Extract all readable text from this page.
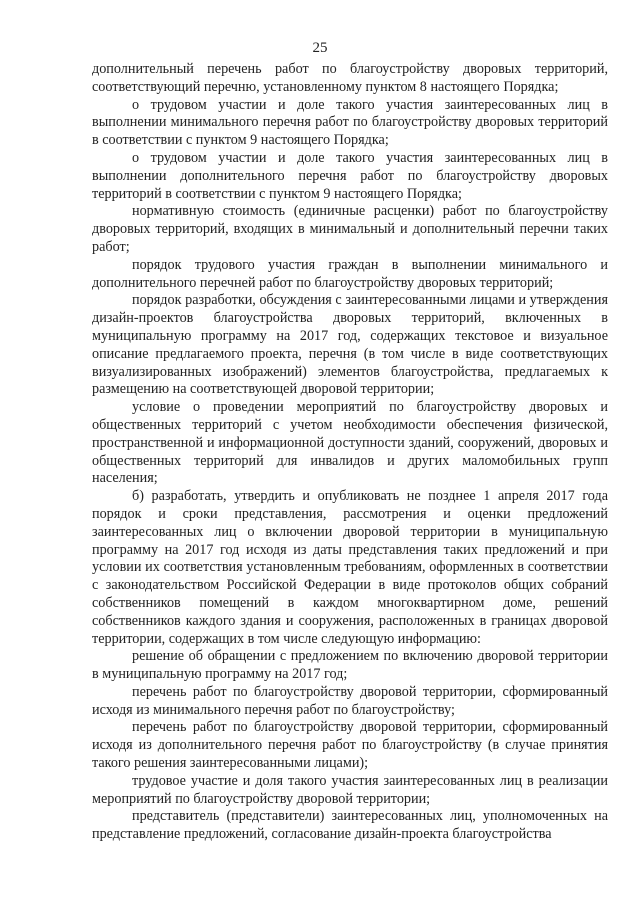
25

дополнительный перечень работ по благоустройству дворовых территорий, соответствующий перечню, установленному пунктом 8 настоящего Порядка;

о трудовом участии и доле такого участия заинтересованных лиц в выполнении минимального перечня работ по благоустройству дворовых территорий в соответствии с пунктом 9 настоящего Порядка;

о трудовом участии и доле такого участия заинтересованных лиц в выполнении дополнительного перечня работ по благоустройству дворовых территорий в соответствии с пунктом 9 настоящего Порядка;

нормативную стоимость (единичные расценки) работ по благоустройству дворовых территорий, входящих в минимальный и дополнительный перечни таких работ;

порядок трудового участия граждан в выполнении минимального и дополнительного перечней работ по благоустройству дворовых территорий;

порядок разработки, обсуждения с заинтересованными лицами и утверждения дизайн-проектов благоустройства дворовых территорий, включенных в муниципальную программу на 2017 год, содержащих текстовое и визуальное описание предлагаемого проекта, перечня (в том числе в виде соответствующих визуализированных изображений) элементов благоустройства, предлагаемых к размещению на соответствующей дворовой территории;

условие о проведении мероприятий по благоустройству дворовых и общественных территорий с учетом необходимости обеспечения физической, пространственной и информационной доступности зданий, сооружений, дворовых и общественных территорий для инвалидов и других маломобильных групп населения;

б) разработать, утвердить и опубликовать не позднее 1 апреля 2017 года порядок и сроки представления, рассмотрения и оценки предложений заинтересованных лиц о включении дворовой территории в муниципальную программу на 2017 год исходя из даты представления таких предложений и при условии их соответствия установленным требованиям, оформленных в соответствии с законодательством Российской Федерации в виде протоколов общих собраний собственников помещений в каждом многоквартирном доме, решений собственников каждого здания и сооружения, расположенных в границах дворовой территории, содержащих в том числе следующую информацию:

решение об обращении с предложением по включению дворовой территории в муниципальную программу на 2017 год;

перечень работ по благоустройству дворовой территории, сформированный исходя из минимального перечня работ по благоустройству;

перечень работ по благоустройству дворовой территории, сформированный исходя из дополнительного перечня работ по благоустройству (в случае принятия такого решения заинтересованными лицами);

трудовое участие и доля такого участия заинтересованных лиц в реализации мероприятий по благоустройству дворовой территории;

представитель (представители) заинтересованных лиц, уполномоченных на представление предложений, согласование дизайн-проекта благоустройства
